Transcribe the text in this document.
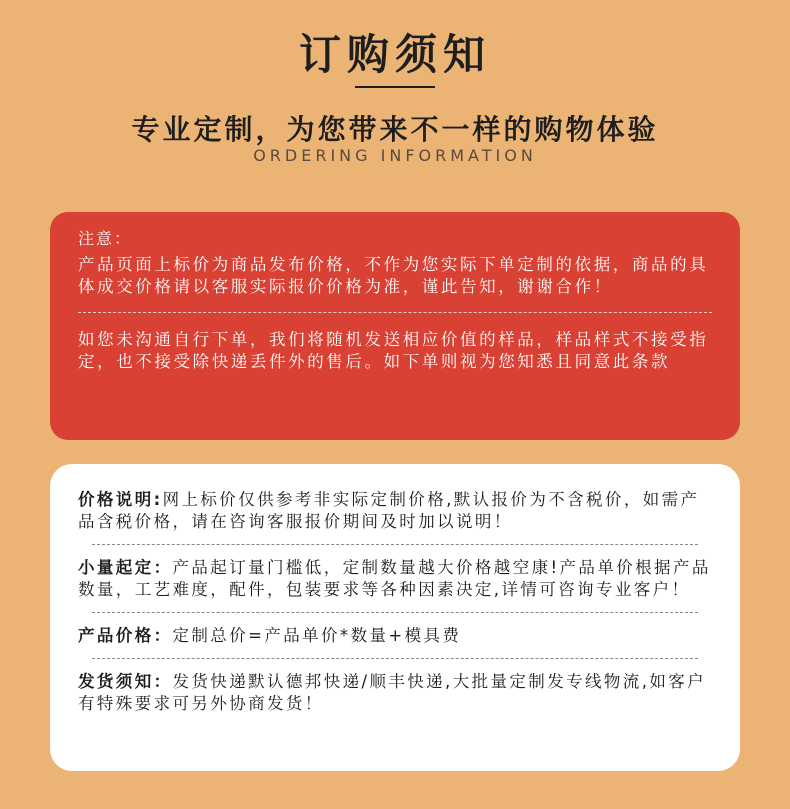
订购须知
专业定制，为您带来不一样的购物体验
ORDERING INFORMATION
注意：

产品页面上标价为商品发布价格，不作为您实际下单定制的依据，商品的具体成交价格请以客服实际报价价格为准，谨此告知，谢谢合作！

如您未沟通自行下单，我们将随机发送相应价值的样品，样品样式不接受指定，也不接受除快递丢件外的售后。如下单则视为您知悉且同意此条款

价格说明:网上标价仅供参考非实际定制价格,默认报价为不含税价，如需产品含税价格，请在咨询客服报价期间及时加以说明！

小量起定：产品起订量门槛低，定制数量越大价格越空康!产品单价根据产品数量，工艺难度，配件，包装要求等各种因素决定,详情可咨询专业客户！

产品价格：定制总价=产品单价*数量+模具费

发货须知：发货快递默认德邦快递/顺丰快递,大批量定制发专线物流,如客户有特殊要求可另外协商发货！
